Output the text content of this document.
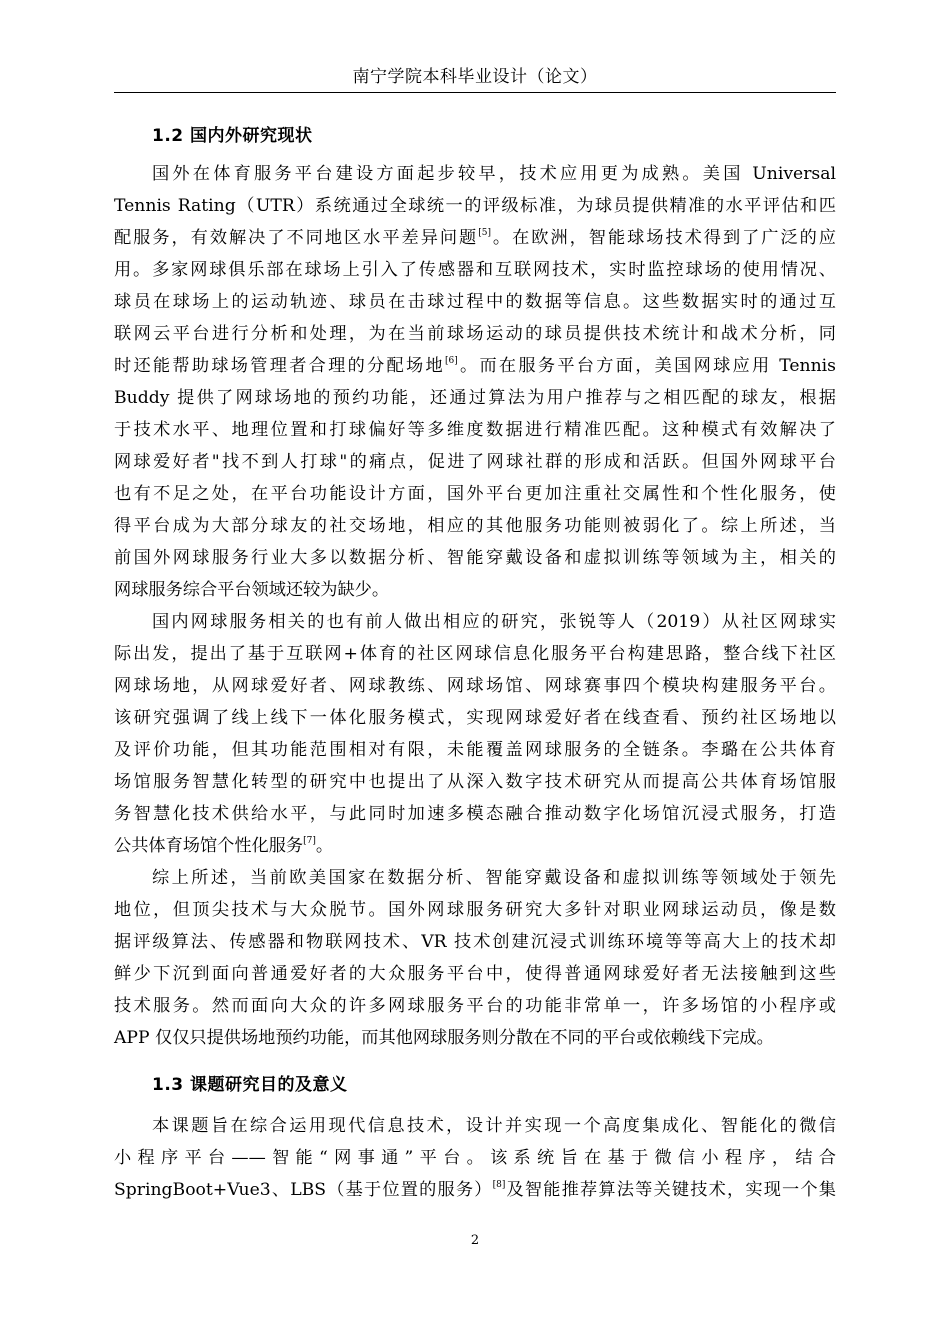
南宁学院本科毕业设计（论文）
1.2 国内外研究现状
国外在体育服务平台建设方面起步较早，技术应用更为成熟。美国 Universal
Tennis Rating（UTR）系统通过全球统一的评级标准，为球员提供精准的水平评估和匹
配服务，有效解决了不同地区水平差异问题[5]。在欧洲，智能球场技术得到了广泛的应
用。多家网球俱乐部在球场上引入了传感器和互联网技术，实时监控球场的使用情况、
球员在球场上的运动轨迹、球员在击球过程中的数据等信息。这些数据实时的通过互
联网云平台进行分析和处理，为在当前球场运动的球员提供技术统计和战术分析，同
时还能帮助球场管理者合理的分配场地[6]。而在服务平台方面，美国网球应用 Tennis
Buddy 提供了网球场地的预约功能，还通过算法为用户推荐与之相匹配的球友，根据
于技术水平、地理位置和打球偏好等多维度数据进行精准匹配。这种模式有效解决了
网球爱好者"找不到人打球"的痛点，促进了网球社群的形成和活跃。但国外网球平台
也有不足之处，在平台功能设计方面，国外平台更加注重社交属性和个性化服务，使
得平台成为大部分球友的社交场地，相应的其他服务功能则被弱化了。综上所述，当
前国外网球服务行业大多以数据分析、智能穿戴设备和虚拟训练等领域为主，相关的
网球服务综合平台领域还较为缺少。
国内网球服务相关的也有前人做出相应的研究，张锐等人（2019）从社区网球实
际出发，提出了基于互联网+体育的社区网球信息化服务平台构建思路，整合线下社区
网球场地，从网球爱好者、网球教练、网球场馆、网球赛事四个模块构建服务平台。
该研究强调了线上线下一体化服务模式，实现网球爱好者在线查看、预约社区场地以
及评价功能，但其功能范围相对有限，未能覆盖网球服务的全链条。李璐在公共体育
场馆服务智慧化转型的研究中也提出了从深入数字技术研究从而提高公共体育场馆服
务智慧化技术供给水平，与此同时加速多模态融合推动数字化场馆沉浸式服务，打造
公共体育场馆个性化服务[7]。
综上所述，当前欧美国家在数据分析、智能穿戴设备和虚拟训练等领域处于领先
地位，但顶尖技术与大众脱节。国外网球服务研究大多针对职业网球运动员，像是数
据评级算法、传感器和物联网技术、VR 技术创建沉浸式训练环境等等高大上的技术却
鲜少下沉到面向普通爱好者的大众服务平台中，使得普通网球爱好者无法接触到这些
技术服务。然而面向大众的许多网球服务平台的功能非常单一，许多场馆的小程序或
APP 仅仅只提供场地预约功能，而其他网球服务则分散在不同的平台或依赖线下完成。
本课题旨在综合运用现代信息技术，设计并实现一个高度集成化、智能化的微信
小程序平台——智能“网事通”平台。该系统旨在基于微信小程序，结合
SpringBoot+Vue3、LBS（基于位置的服务）[8]及智能推荐算法等关键技术，实现一个集
1.3 课题研究目的及意义
2
